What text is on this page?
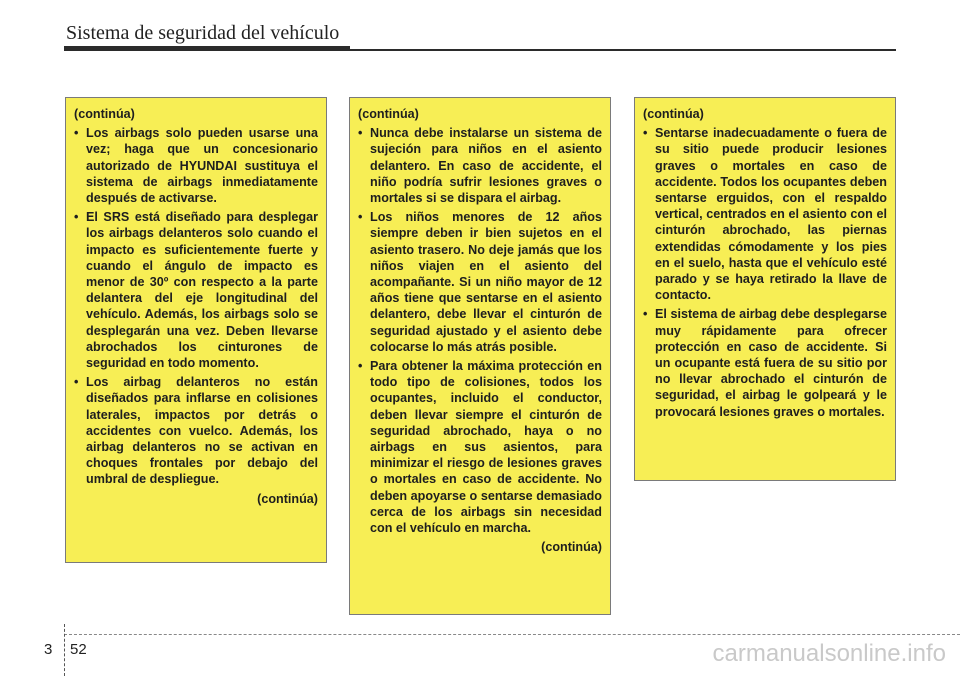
Sistema de seguridad del vehículo
(continúa)
• Los airbags solo pueden usarse una vez; haga que un concesionario autorizado de HYUNDAI sustituya el sistema de airbags inmediatamente después de activarse.
• El SRS está diseñado para desplegar los airbags delanteros solo cuando el impacto es suficientemente fuerte y cuando el ángulo de impacto es menor de 30º con respecto a la parte delantera del eje longitudinal del vehículo. Además, los airbags solo se desplegarán una vez. Deben llevarse abrochados los cinturones de seguridad en todo momento.
• Los airbag delanteros no están diseñados para inflarse en colisiones laterales, impactos por detrás o accidentes con vuelco. Además, los airbag delanteros no se activan en choques frontales por debajo del umbral de despliegue.
(continúa)
(continúa)
• Nunca debe instalarse un sistema de sujeción para niños en el asiento delantero. En caso de accidente, el niño podría sufrir lesiones graves o mortales si se dispara el airbag.
• Los niños menores de 12 años siempre deben ir bien sujetos en el asiento trasero. No deje jamás que los niños viajen en el asiento del acompañante. Si un niño mayor de 12 años tiene que sentarse en el asiento delantero, debe llevar el cinturón de seguridad ajustado y el asiento debe colocarse lo más atrás posible.
• Para obtener la máxima protección en todo tipo de colisiones, todos los ocupantes, incluido el conductor, deben llevar siempre el cinturón de seguridad abrochado, haya o no airbags en sus asientos, para minimizar el riesgo de lesiones graves o mortales en caso de accidente. No deben apoyarse o sentarse demasiado cerca de los airbags sin necesidad con el vehículo en marcha.
(continúa)
(continúa)
• Sentarse inadecuadamente o fuera de su sitio puede producir lesiones graves o mortales en caso de accidente. Todos los ocupantes deben sentarse erguidos, con el respaldo vertical, centrados en el asiento con el cinturón abrochado, las piernas extendidas cómodamente y los pies en el suelo, hasta que el vehículo esté parado y se haya retirado la llave de contacto.
• El sistema de airbag debe desplegarse muy rápidamente para ofrecer protección en caso de accidente. Si un ocupante está fuera de su sitio por no llevar abrochado el cinturón de seguridad, el airbag le golpeará y le provocará lesiones graves o mortales.
3 52	carmanualsonline.info
